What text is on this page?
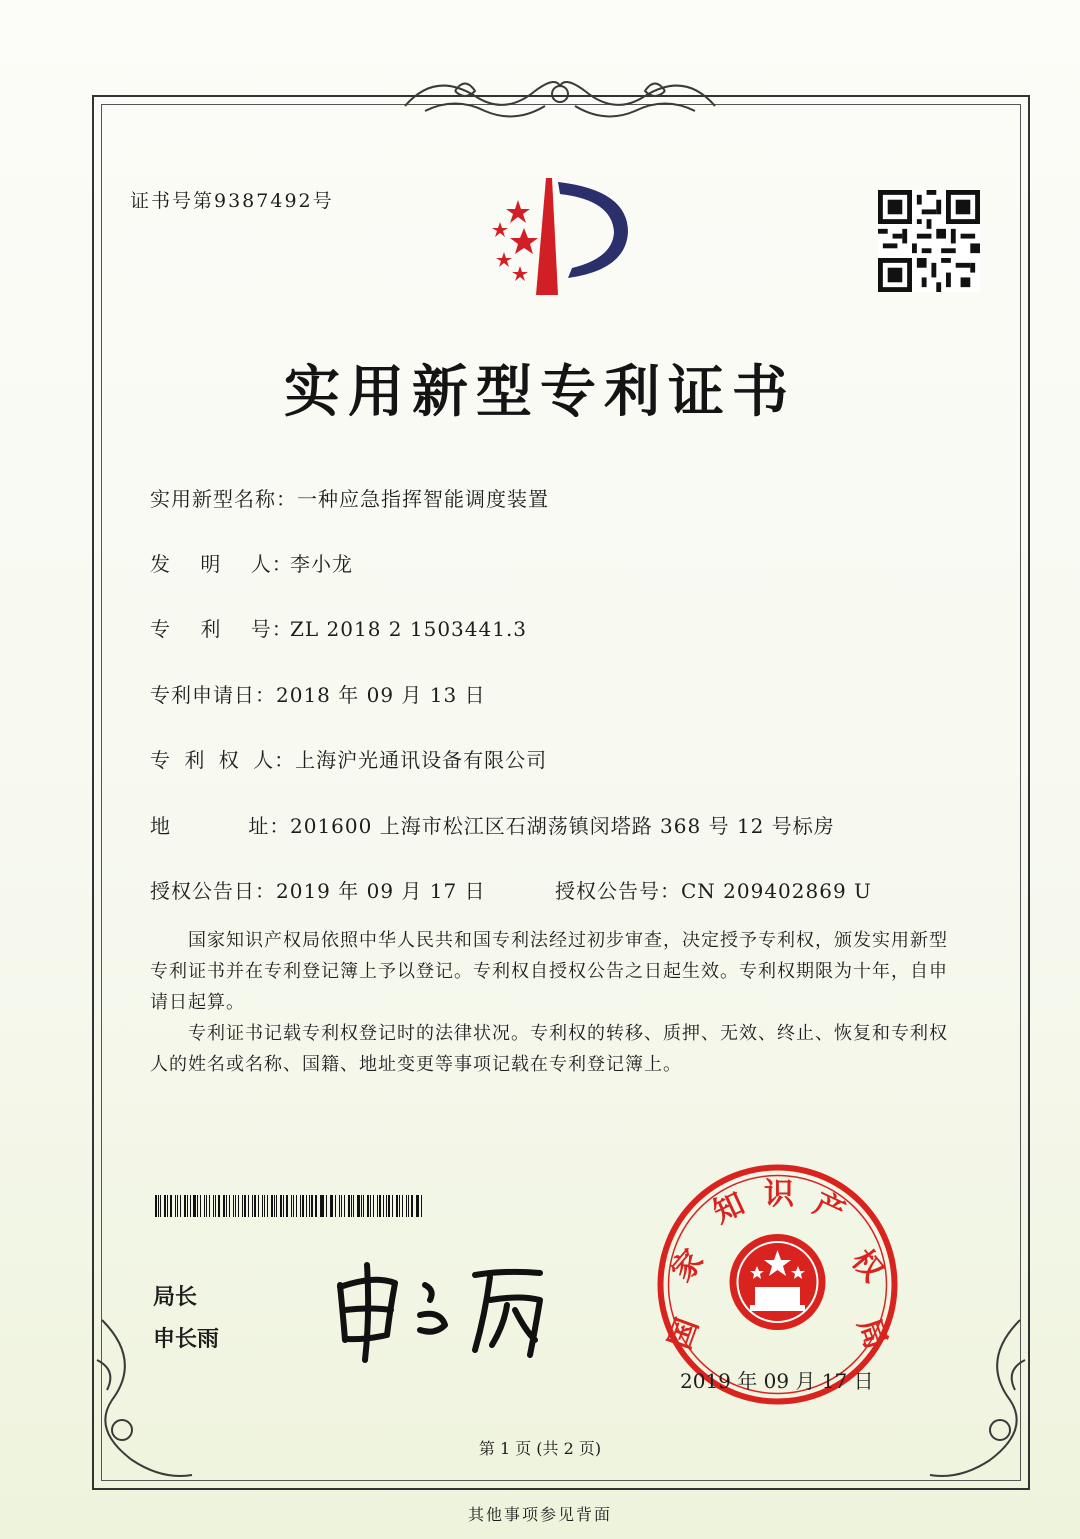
证书号第9387492号
实用新型专利证书
实用新型名称：一种应急指挥智能调度装置
发 明 人：李小龙
专 利 号：ZL 2018 2 1503441.3
专利申请日：2018 年 09 月 13 日
专 利 权 人：上海沪光通讯设备有限公司
地 址：201600 上海市松江区石湖荡镇闵塔路 368 号 12 号标房
授权公告日：2019 年 09 月 17 日	授权公告号：CN 209402869 U
国家知识产权局依照中华人民共和国专利法经过初步审查，决定授予专利权，颁发实用新型专利证书并在专利登记簿上予以登记。专利权自授权公告之日起生效。专利权期限为十年，自申请日起算。
专利证书记载专利权登记时的法律状况。专利权的转移、质押、无效、终止、恢复和专利权人的姓名或名称、国籍、地址变更等事项记载在专利登记簿上。
局长
申长雨	国
家
知 识 产
权
局
2019 年 09 月 17 日
第 1 页 (共 2 页)
其他事项参见背面
